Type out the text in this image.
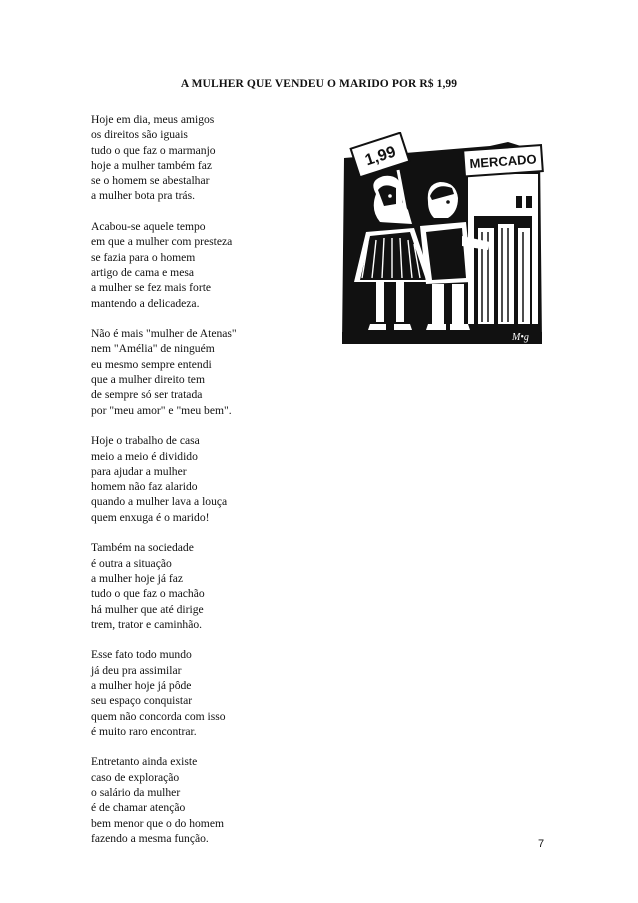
A MULHER QUE VENDEU O MARIDO POR R$ 1,99
Hoje em dia, meus amigos
os direitos são iguais
tudo o que faz o marmanjo
hoje a mulher também faz
se o homem se abestalhar
a mulher bota pra trás.
Acabou-se aquele tempo
em que a mulher com presteza
se fazia para o homem
artigo de cama e mesa
a mulher se fez mais forte
mantendo a delicadeza.
Não é mais "mulher de Atenas"
nem "Amélia" de ninguém
eu mesmo sempre entendi
que a mulher direito tem
de sempre só ser tratada
por "meu amor" e "meu bem".
Hoje o trabalho de casa
meio a meio é dividido
para ajudar a mulher
homem não faz alarido
quando a mulher lava a louça
quem enxuga é o marido!
Também na sociedade
é outra a situação
a mulher hoje já faz
tudo o que faz o machão
há mulher que até dirige
trem, trator e caminhão.
Esse fato todo mundo
já deu pra assimilar
a mulher hoje já pôde
seu espaço conquistar
quem não concorda com isso
é muito raro encontrar.
Entretanto ainda existe
caso de exploração
o salário da mulher
é de chamar atenção
bem menor que o do homem
fazendo a mesma função.
MERCADO
1,99
M•g
7
